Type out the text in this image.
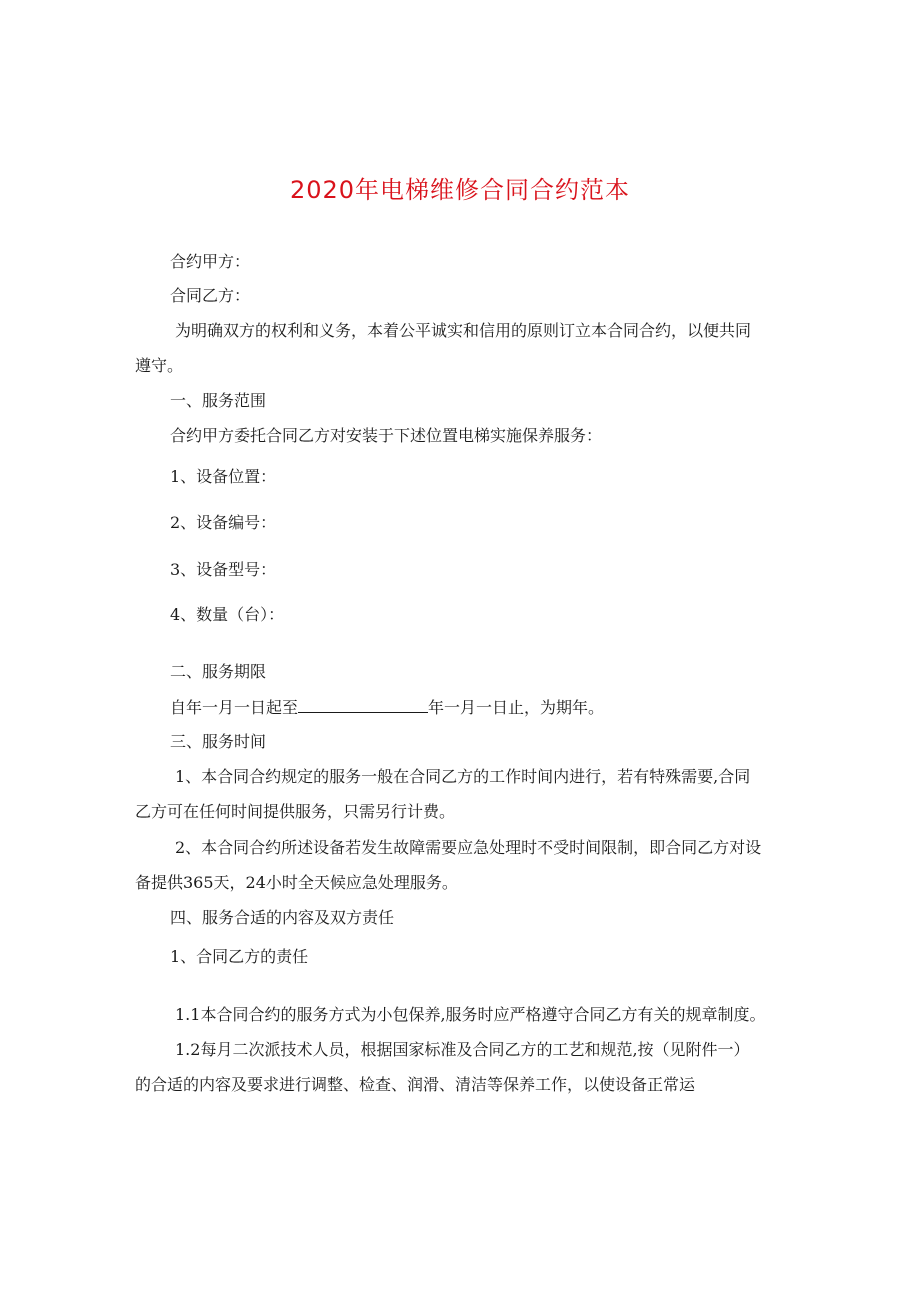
2020年电梯维修合同合约范本
合约甲方：
合同乙方：
为明确双方的权利和义务，本着公平诚实和信用的原则订立本合同合约，以便共同
遵守。
一、服务范围
合约甲方委托合同乙方对安装于下述位置电梯实施保养服务：
1、设备位置：
2、设备编号：
3、设备型号：
4、数量（台）：
二、服务期限
自年一月一日起至	年一月一日止，为期年。
三、服务时间
1、本合同合约规定的服务一般在合同乙方的工作时间内进行，若有特殊需要,合同
乙方可在任何时间提供服务，只需另行计费。
2、本合同合约所述设备若发生故障需要应急处理时不受时间限制，即合同乙方对设
备提供365天，24小时全天候应急处理服务。
四、服务合适的内容及双方责任
1、合同乙方的责任
1.1本合同合约的服务方式为小包保养,服务时应严格遵守合同乙方有关的规章制度。
1.2每月二次派技术人员，根据国家标准及合同乙方的工艺和规范,按（见附件一）
的合适的内容及要求进行调整、检查、润滑、清洁等保养工作，以使设备正常运
